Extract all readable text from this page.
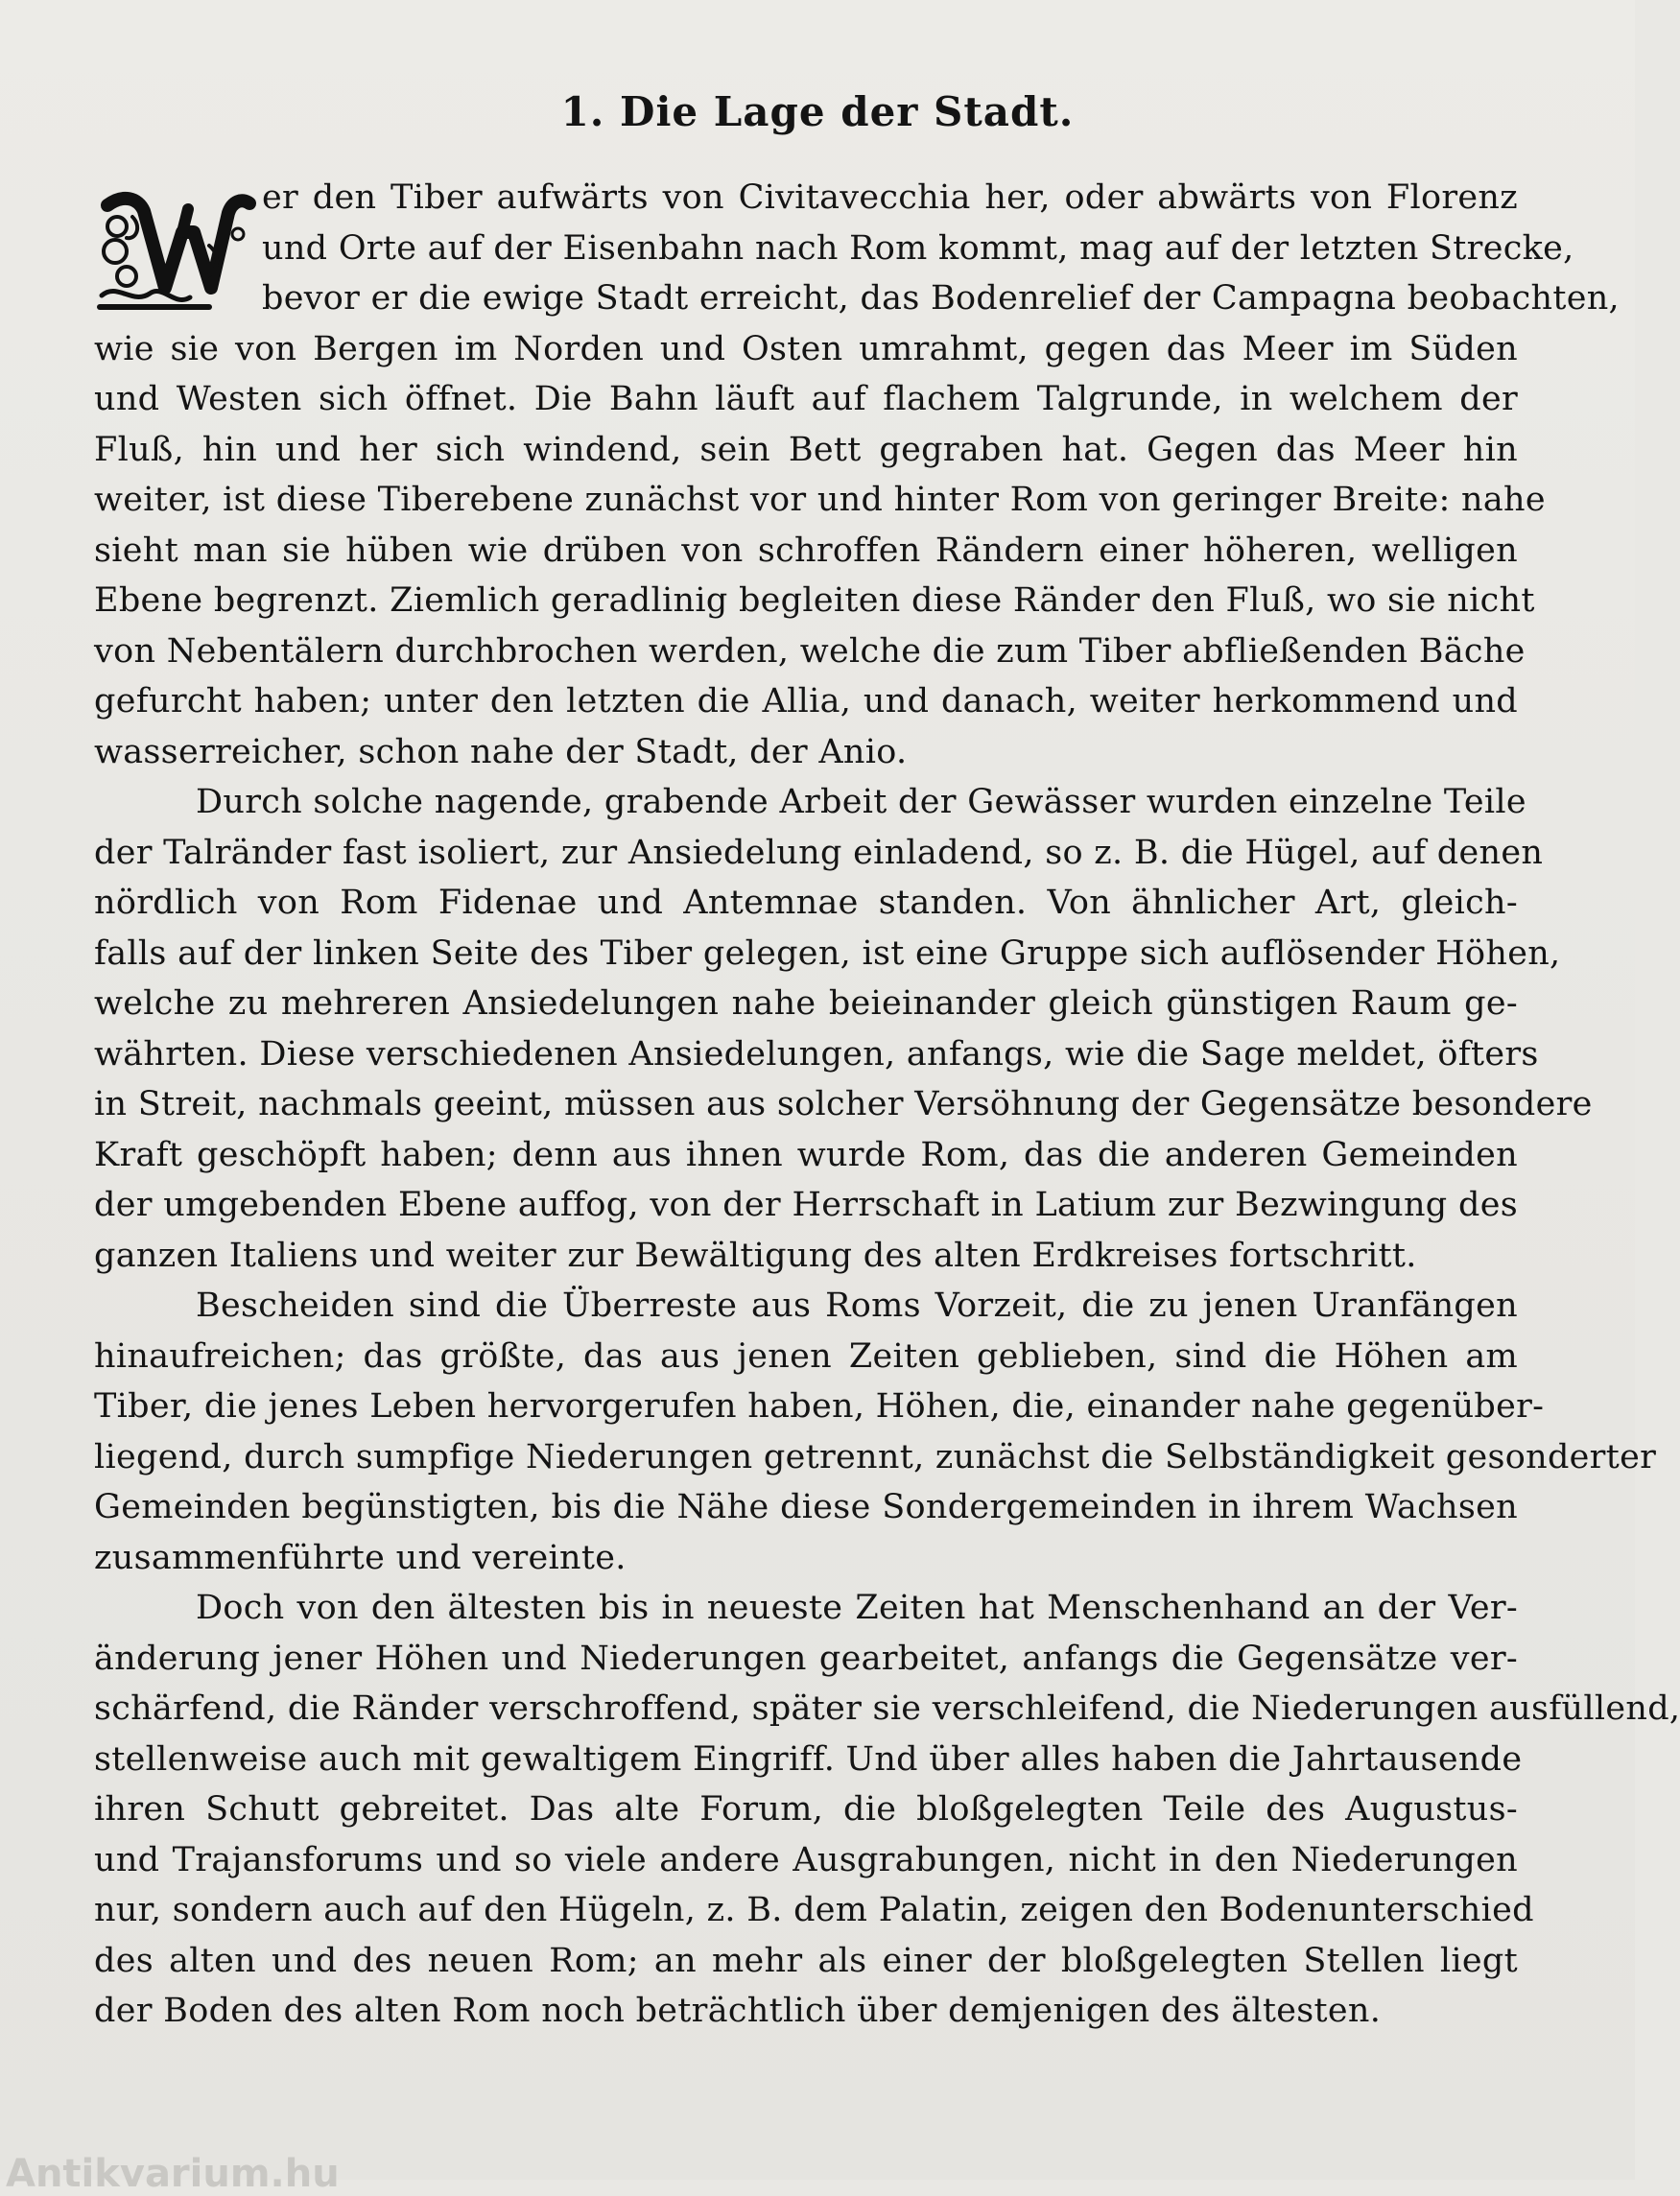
1. Die Lage der Stadt.
er den Tiber aufwärts von Civitavecchia her, oder abwärts von Florenz
und Orte auf der Eisenbahn nach Rom kommt, mag auf der letzten Strecke,
bevor er die ewige Stadt erreicht, das Bodenrelief der Campagna beobachten,
wie sie von Bergen im Norden und Osten umrahmt, gegen das Meer im Süden
und Westen sich öffnet. Die Bahn läuft auf flachem Talgrunde, in welchem der
Fluß, hin und her sich windend, sein Bett gegraben hat. Gegen das Meer hin
weiter, ist diese Tiberebene zunächst vor und hinter Rom von geringer Breite: nahe
sieht man sie hüben wie drüben von schroffen Rändern einer höheren, welligen
Ebene begrenzt. Ziemlich geradlinig begleiten diese Ränder den Fluß, wo sie nicht
von Nebentälern durchbrochen werden, welche die zum Tiber abfließenden Bäche
gefurcht haben; unter den letzten die Allia, und danach, weiter herkommend und
wasserreicher, schon nahe der Stadt, der Anio.
Durch solche nagende, grabende Arbeit der Gewässer wurden einzelne Teile
der Talränder fast isoliert, zur Ansiedelung einladend, so z. B. die Hügel, auf denen
nördlich von Rom Fidenae und Antemnae standen. Von ähnlicher Art, gleich-
falls auf der linken Seite des Tiber gelegen, ist eine Gruppe sich auflösender Höhen,
welche zu mehreren Ansiedelungen nahe beieinander gleich günstigen Raum ge-
währten. Diese verschiedenen Ansiedelungen, anfangs, wie die Sage meldet, öfters
in Streit, nachmals geeint, müssen aus solcher Versöhnung der Gegensätze besondere
Kraft geschöpft haben; denn aus ihnen wurde Rom, das die anderen Gemeinden
der umgebenden Ebene auffog, von der Herrschaft in Latium zur Bezwingung des
ganzen Italiens und weiter zur Bewältigung des alten Erdkreises fortschritt.
Bescheiden sind die Überreste aus Roms Vorzeit, die zu jenen Uranfängen
hinaufreichen; das größte, das aus jenen Zeiten geblieben, sind die Höhen am
Tiber, die jenes Leben hervorgerufen haben, Höhen, die, einander nahe gegenüber-
liegend, durch sumpfige Niederungen getrennt, zunächst die Selbständigkeit gesonderter
Gemeinden begünstigten, bis die Nähe diese Sondergemeinden in ihrem Wachsen
zusammenführte und vereinte.
Doch von den ältesten bis in neueste Zeiten hat Menschenhand an der Ver-
änderung jener Höhen und Niederungen gearbeitet, anfangs die Gegensätze ver-
schärfend, die Ränder verschroffend, später sie verschleifend, die Niederungen ausfüllend,
stellenweise auch mit gewaltigem Eingriff. Und über alles haben die Jahrtausende
ihren Schutt gebreitet. Das alte Forum, die bloßgelegten Teile des Augustus-
und Trajansforums und so viele andere Ausgrabungen, nicht in den Niederungen
nur, sondern auch auf den Hügeln, z. B. dem Palatin, zeigen den Bodenunterschied
des alten und des neuen Rom; an mehr als einer der bloßgelegten Stellen liegt
der Boden des alten Rom noch beträchtlich über demjenigen des ältesten.
Antikvarium.hu
